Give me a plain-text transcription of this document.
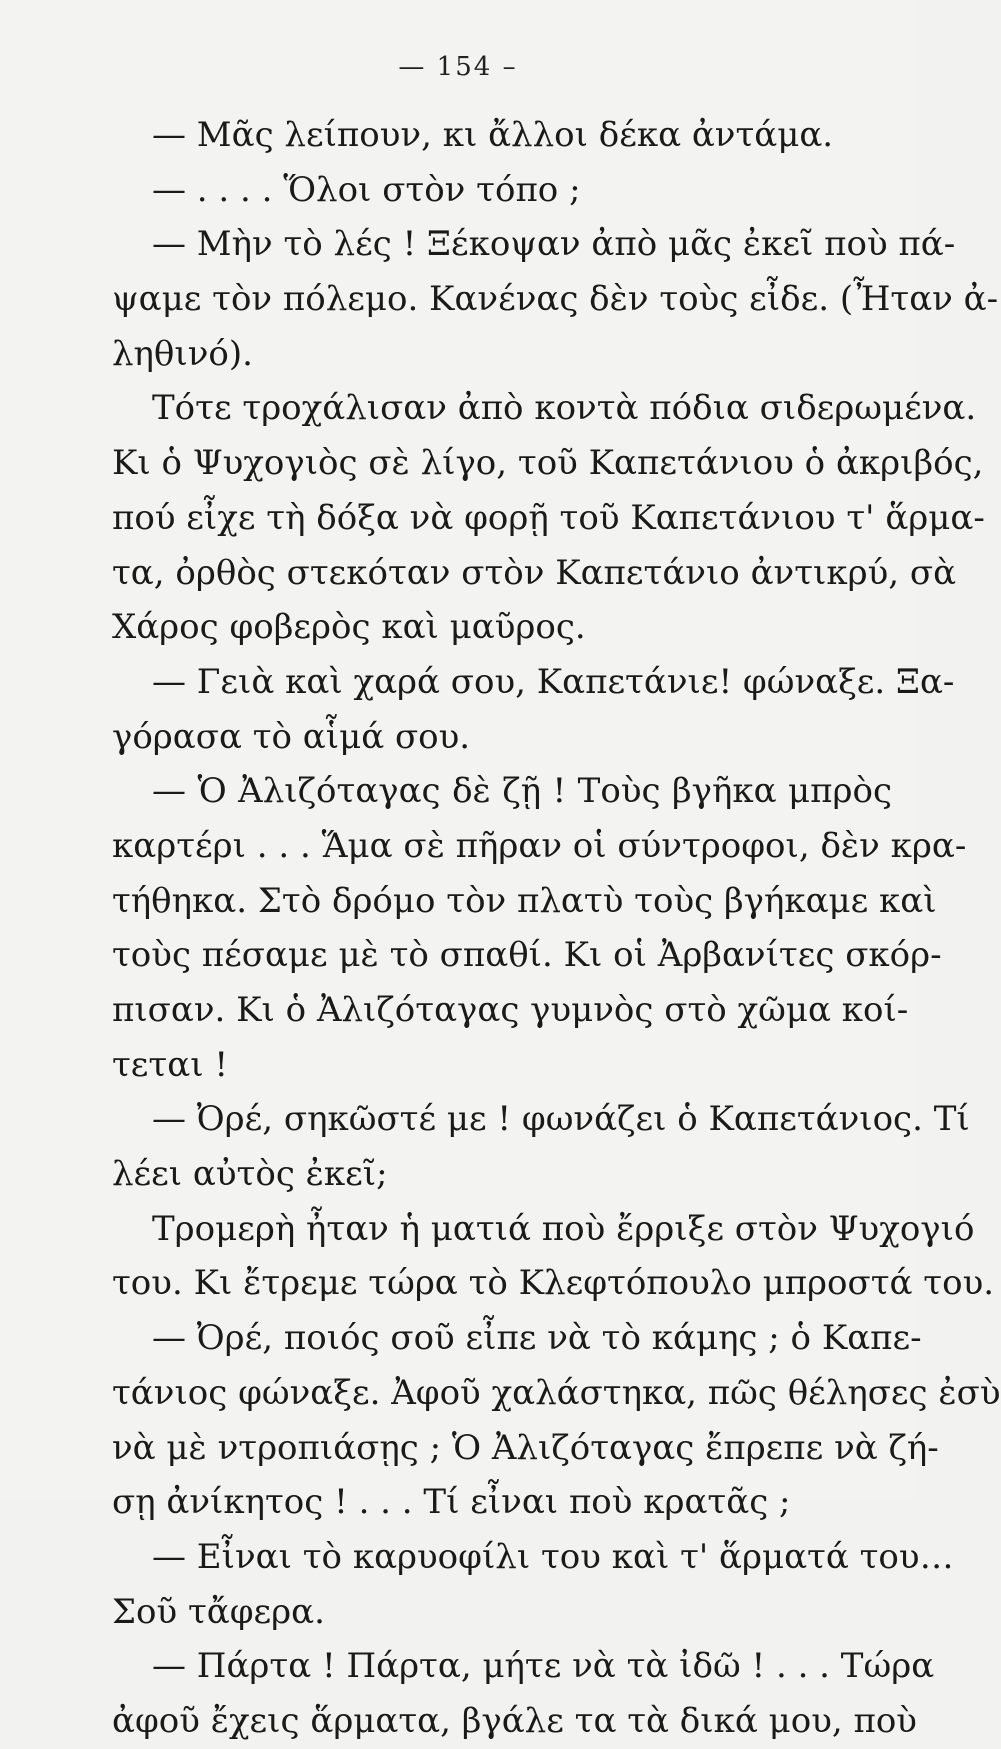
— 154 –
— Μᾶς λείπουν, κι ἄλλοι δέκα ἀντάμα.
— . . . . Ὅλοι στὸν τόπο ;
— Μὴν τὸ λές ! Ξέκοψαν ἀπὸ μᾶς ἐκεῖ ποὺ πά-
ψαμε τὸν πόλεμο. Κανένας δὲν τοὺς εἶδε. (Ἦταν ἀ-
ληθινό).
Τότε τροχάλισαν ἀπὸ κοντὰ πόδια σιδερωμένα.
Κι ὁ Ψυχογιὸς σὲ λίγο, τοῦ Καπετάνιου ὁ ἀκριβός,
πού εἶχε τὴ δόξα νὰ φορῇ τοῦ Καπετάνιου τ' ἅρμα-
τα, ὀρθὸς στεκόταν στὸν Καπετάνιο ἀντικρύ, σὰ
Χάρος φοβερὸς καὶ μαῦρος.
— Γειὰ καὶ χαρά σου, Καπετάνιε! φώναξε. Ξα-
γόρασα τὸ αἷμά σου.
— Ὁ Ἀλιζόταγας δὲ ζῇ ! Τοὺς βγῆκα μπρὸς
καρτέρι . . . Ἅμα σὲ πῆραν οἱ σύντροφοι, δὲν κρα-
τήθηκα. Στὸ δρόμο τὸν πλατὺ τοὺς βγήκαμε καὶ
τοὺς πέσαμε μὲ τὸ σπαθί. Κι οἱ Ἀρβανίτες σκόρ-
πισαν. Κι ὁ Ἀλιζόταγας γυμνὸς στὸ χῶμα κοί-
τεται !
— Ὀρέ, σηκῶστέ με ! φωνάζει ὁ Καπετάνιος. Τί
λέει αὐτὸς ἐκεῖ;
Τρομερὴ ἦταν ἡ ματιά ποὺ ἔρριξε στὸν Ψυχογιό
του. Κι ἔτρεμε τώρα τὸ Κλεφτόπουλο μπροστά του.
— Ὀρέ, ποιός σοῦ εἶπε νὰ τὸ κάμης ; ὁ Καπε-
τάνιος φώναξε. Ἀφοῦ χαλάστηκα, πῶς θέλησες ἐσὺ
νὰ μὲ ντροπιάσῃς ; Ὁ Ἀλιζόταγας ἔπρεπε νὰ ζή-
σῃ ἀνίκητος ! . . . Τί εἶναι ποὺ κρατᾶς ;
— Εἶναι τὸ καρυοφίλι του καὶ τ' ἅρματά του…
Σοῦ τἄφερα.
— Πάρτα ! Πάρτα, μήτε νὰ τὰ ἰδῶ ! . . . Τώρα
ἀφοῦ ἔχεις ἅρματα, βγάλε τα τὰ δικά μου, ποὺ
